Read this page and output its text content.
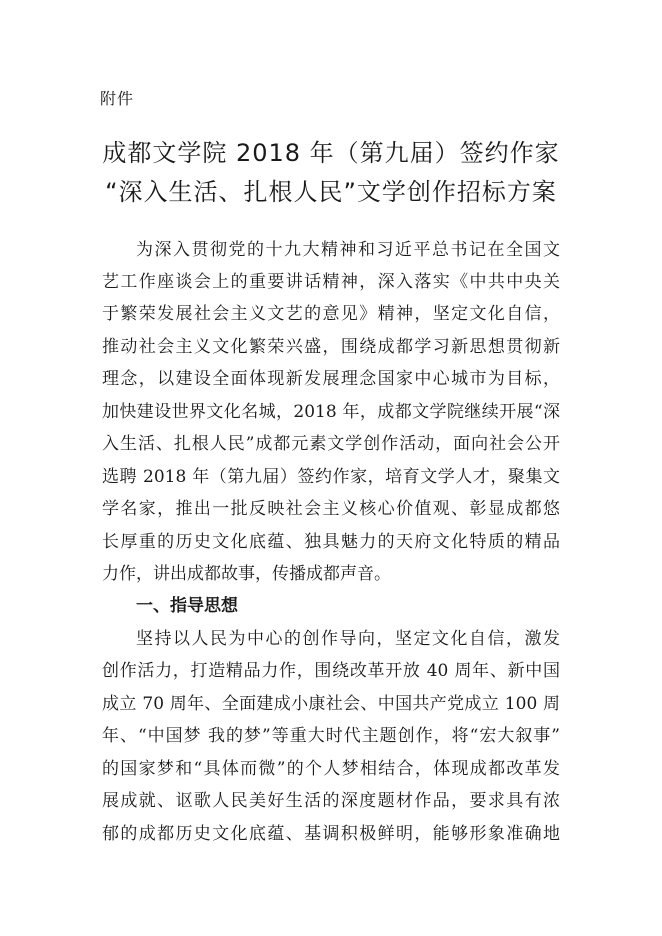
附件
成都文学院 2018 年（第九届）签约作家
“深入生活、扎根人民”文学创作招标方案
为深入贯彻党的十九大精神和习近平总书记在全国文
艺工作座谈会上的重要讲话精神，深入落实《中共中央关
于繁荣发展社会主义文艺的意见》精神，坚定文化自信，
推动社会主义文化繁荣兴盛，围绕成都学习新思想贯彻新
理念，以建设全面体现新发展理念国家中心城市为目标，
加快建设世界文化名城，2018 年，成都文学院继续开展“深
入生活、扎根人民”成都元素文学创作活动，面向社会公开
选聘 2018 年（第九届）签约作家，培育文学人才，聚集文
学名家，推出一批反映社会主义核心价值观、彰显成都悠
长厚重的历史文化底蕴、独具魅力的天府文化特质的精品
力作，讲出成都故事，传播成都声音。
一、指导思想
坚持以人民为中心的创作导向，坚定文化自信，激发
创作活力，打造精品力作，围绕改革开放 40 周年、新中国
成立 70 周年、全面建成小康社会、中国共产党成立 100 周
年、“中国梦 我的梦”等重大时代主题创作，将“宏大叙事”
的国家梦和“具体而微”的个人梦相结合，体现成都改革发
展成就、讴歌人民美好生活的深度题材作品，要求具有浓
郁的成都历史文化底蕴、基调积极鲜明，能够形象准确地
